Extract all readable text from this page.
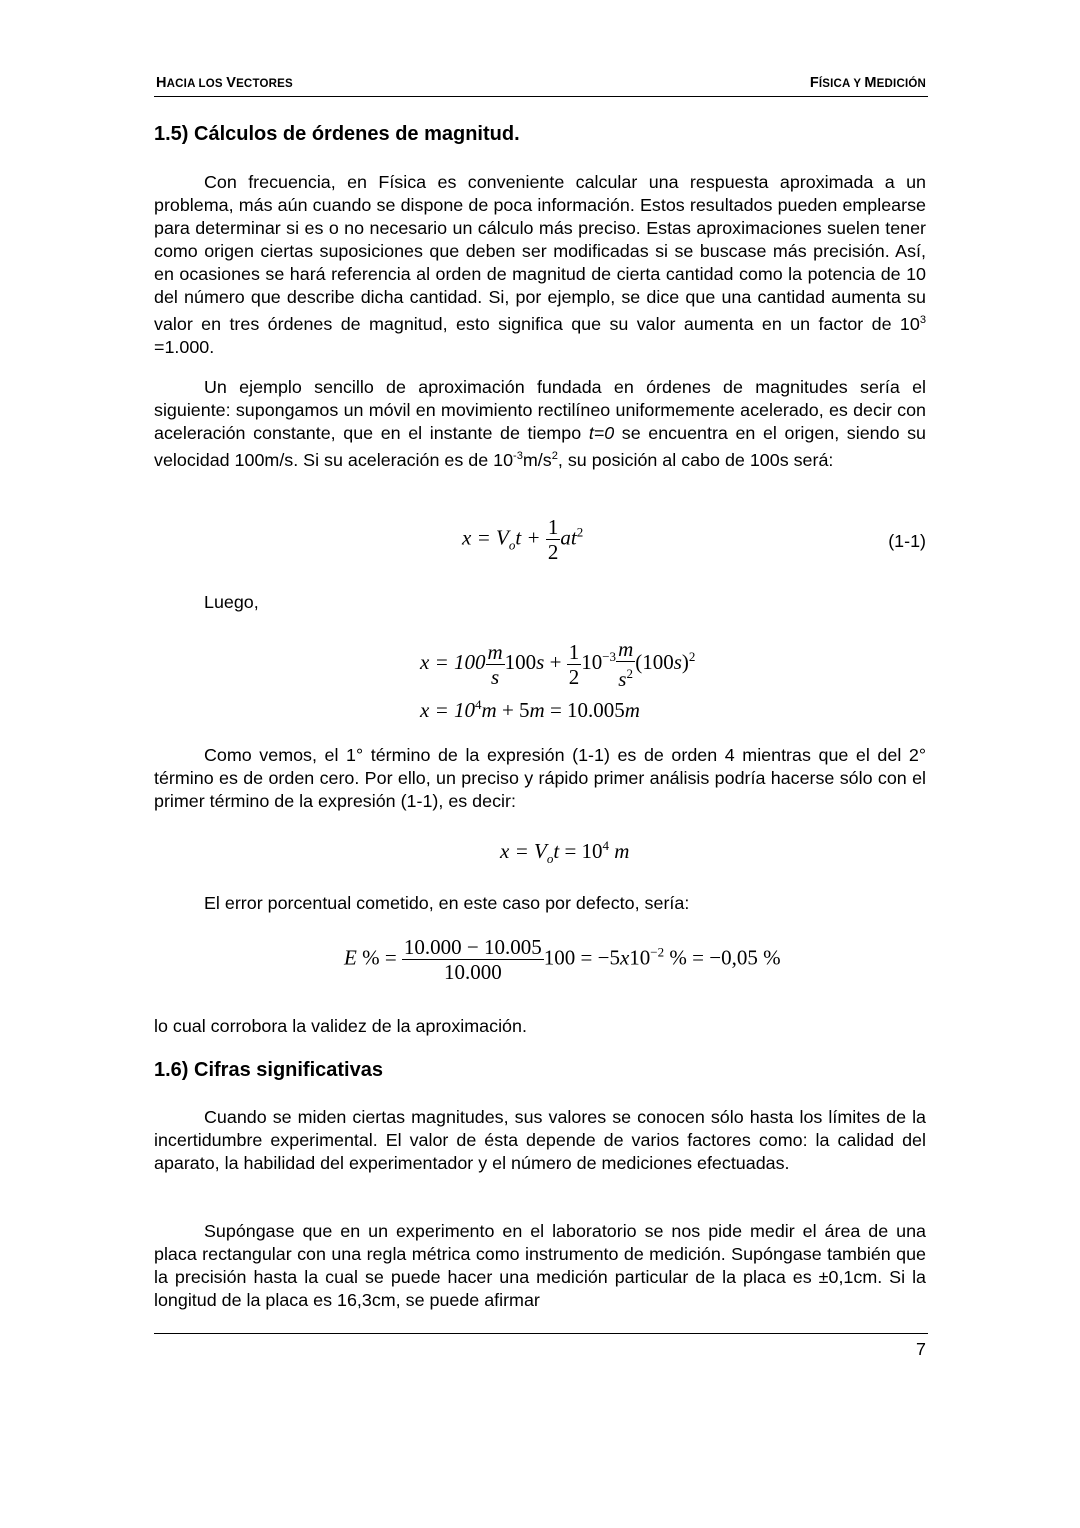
HACIA LOS VECTORES	FÍSICA Y MEDICIÓN
1.5) Cálculos de órdenes de magnitud.

Con frecuencia, en Física es conveniente calcular una respuesta aproximada a un problema, más aún cuando se dispone de poca información. Estos resultados pueden emplearse para determinar si es o no necesario un cálculo más preciso. Estas aproximaciones suelen tener como origen ciertas suposiciones que deben ser modificadas si se buscase más precisión. Así, en ocasiones se hará referencia al orden de magnitud de cierta cantidad como la potencia de 10 del número que describe dicha cantidad. Si, por ejemplo, se dice que una cantidad aumenta su valor en tres órdenes de magnitud, esto significa que su valor aumenta en un factor de $10^3 =1.000$.

Un ejemplo sencillo de aproximación fundada en órdenes de magnitudes sería el siguiente: supongamos un móvil en movimiento rectilíneo uniformemente acelerado, es decir con aceleración constante, que en el instante de tiempo t=0 se encuentra en el origen, siendo su velocidad 100m/s. Si su aceleración es de $10^{-3}m/s^2$, su posición al cabo de 100s será:

$x = V_ot + \frac{1}{2} at^2$	(1-1)
Luego,
$x = 100 \frac{m}{s} 100s + \frac{1}{2} 10^{-3} \frac{m}{s^2} (100s)^2$
$x = 10^4m + 5m = 10.005m$

Como vemos, el 1° término de la expresión (1-1) es de orden 4 mientras que el del 2° término es de orden cero. Por ello, un preciso y rápido primer análisis podría hacerse sólo con el primer término de la expresión (1-1), es decir:

$x = V_ot = 10^4$ m

El error porcentual cometido, en este caso por defecto, sería:

E % = $\frac{10.000 - 10.005}{10.000} 100 = -5x10^{-2}$ % = −0,05 %

lo cual corrobora la validez de la aproximación.

1.6) Cifras significativas

Cuando se miden ciertas magnitudes, sus valores se conocen sólo hasta los límites de la incertidumbre experimental. El valor de ésta depende de varios factores como: la calidad del aparato, la habilidad del experimentador y el número de mediciones efectuadas.

Supóngase que en un experimento en el laboratorio se nos pide medir el área de una placa rectangular con una regla métrica como instrumento de medición. Supóngase también que la precisión hasta la cual se puede hacer una medición particular de la placa es ±0,1cm. Si la longitud de la placa es 16,3cm, se puede afirmar

7
